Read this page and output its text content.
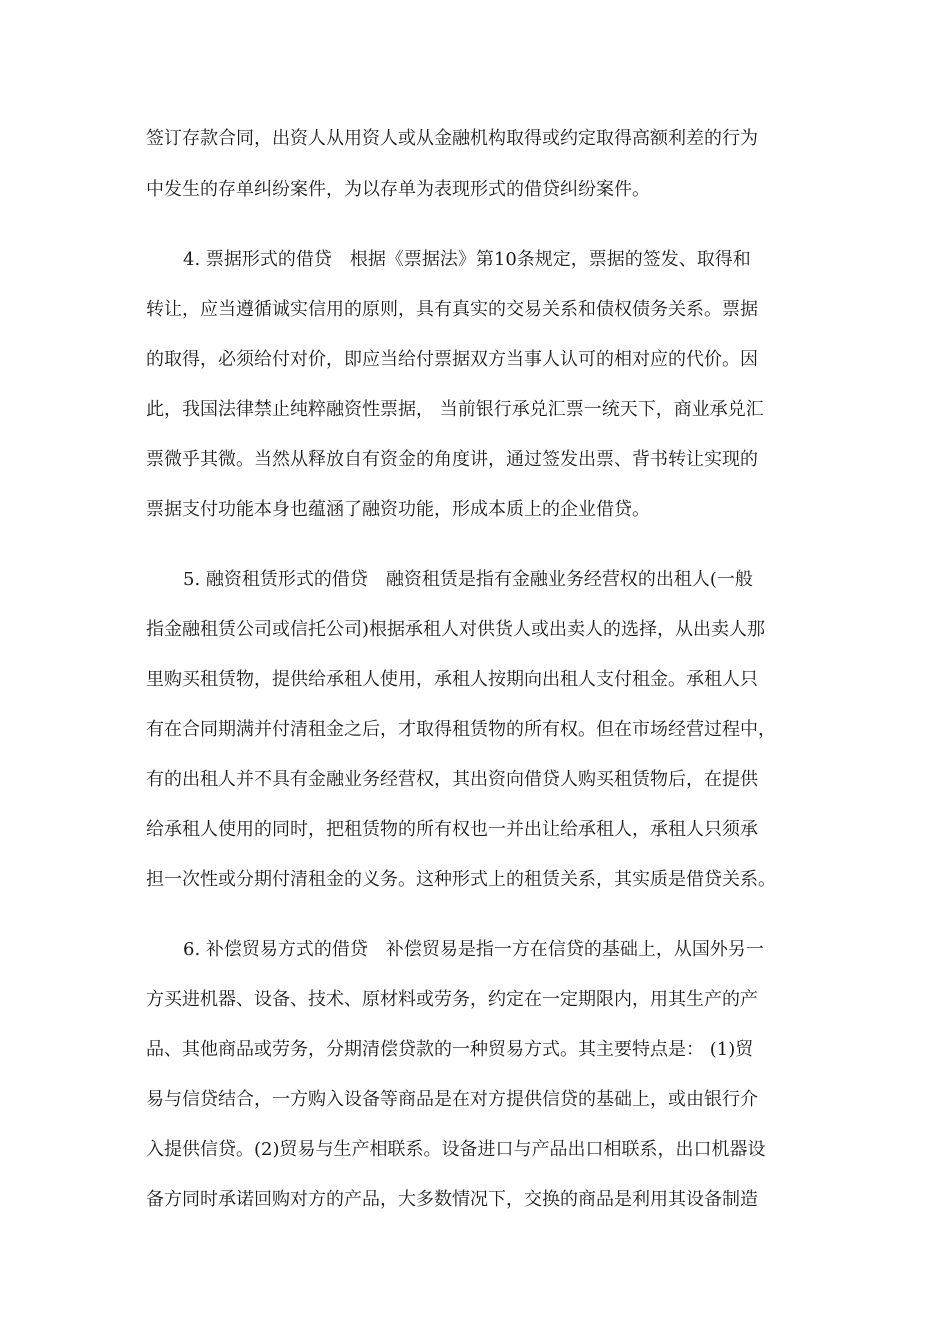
签订存款合同，出资人从用资人或从金融机构取得或约定取得高额利差的行为

中发生的存单纠纷案件，为以存单为表现形式的借贷纠纷案件。

4. 票据形式的借贷　根据《票据法》第10条规定，票据的签发、取得和

转让，应当遵循诚实信用的原则，具有真实的交易关系和债权债务关系。票据

的取得，必须给付对价，即应当给付票据双方当事人认可的相对应的代价。因

此，我国法律禁止纯粹融资性票据， 当前银行承兑汇票一统天下，商业承兑汇

票微乎其微。当然从释放自有资金的角度讲，通过签发出票、背书转让实现的

票据支付功能本身也蕴涵了融资功能，形成本质上的企业借贷。

5. 融资租赁形式的借贷　融资租赁是指有金融业务经营权的出租人(一般

指金融租赁公司或信托公司)根据承租人对供货人或出卖人的选择，从出卖人那

里购买租赁物，提供给承租人使用，承租人按期向出租人支付租金。承租人只

有在合同期满并付清租金之后，才取得租赁物的所有权。但在市场经营过程中，

有的出租人并不具有金融业务经营权，其出资向借贷人购买租赁物后，在提供

给承租人使用的同时，把租赁物的所有权也一并出让给承租人，承租人只须承

担一次性或分期付清租金的义务。这种形式上的租赁关系，其实质是借贷关系。

6. 补偿贸易方式的借贷　补偿贸易是指一方在信贷的基础上，从国外另一

方买进机器、设备、技术、原材料或劳务，约定在一定期限内，用其生产的产

品、其他商品或劳务，分期清偿贷款的一种贸易方式。其主要特点是： (1)贸

易与信贷结合，一方购入设备等商品是在对方提供信贷的基础上，或由银行介

入提供信贷。(2)贸易与生产相联系。设备进口与产品出口相联系，出口机器设

备方同时承诺回购对方的产品，大多数情况下，交换的商品是利用其设备制造
